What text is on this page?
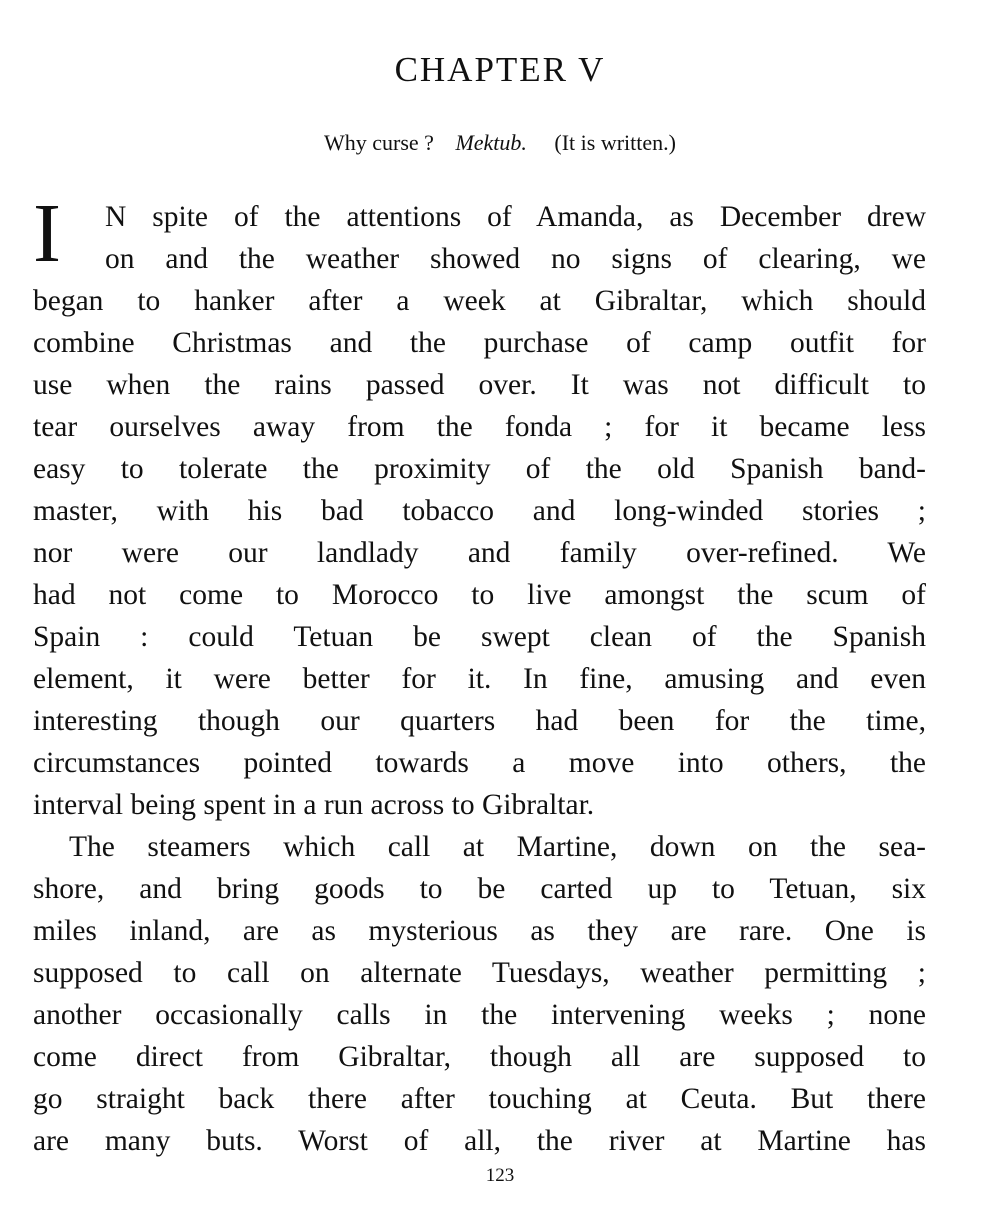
CHAPTER V
Why curse ? Mektub. (It is written.)
I	N spite of the attentions of Amanda, as December drew
on and the weather showed no signs of clearing, we
began to hanker after a week at Gibraltar, which should
combine Christmas and the purchase of camp outfit for
use when the rains passed over. It was not difficult to
tear ourselves away from the fonda ; for it became less
easy to tolerate the proximity of the old Spanish band-
master, with his bad tobacco and long-winded stories ;
nor were our landlady and family over-refined. We
had not come to Morocco to live amongst the scum of
Spain : could Tetuan be swept clean of the Spanish
element, it were better for it. In fine, amusing and even
interesting though our quarters had been for the time,
circumstances pointed towards a move into others, the
interval being spent in a run across to Gibraltar.
The steamers which call at Martine, down on the sea-
shore, and bring goods to be carted up to Tetuan, six
miles inland, are as mysterious as they are rare. One is
supposed to call on alternate Tuesdays, weather permitting ;
another occasionally calls in the intervening weeks ; none
come direct from Gibraltar, though all are supposed to
go straight back there after touching at Ceuta. But there
are many buts. Worst of all, the river at Martine has
123
